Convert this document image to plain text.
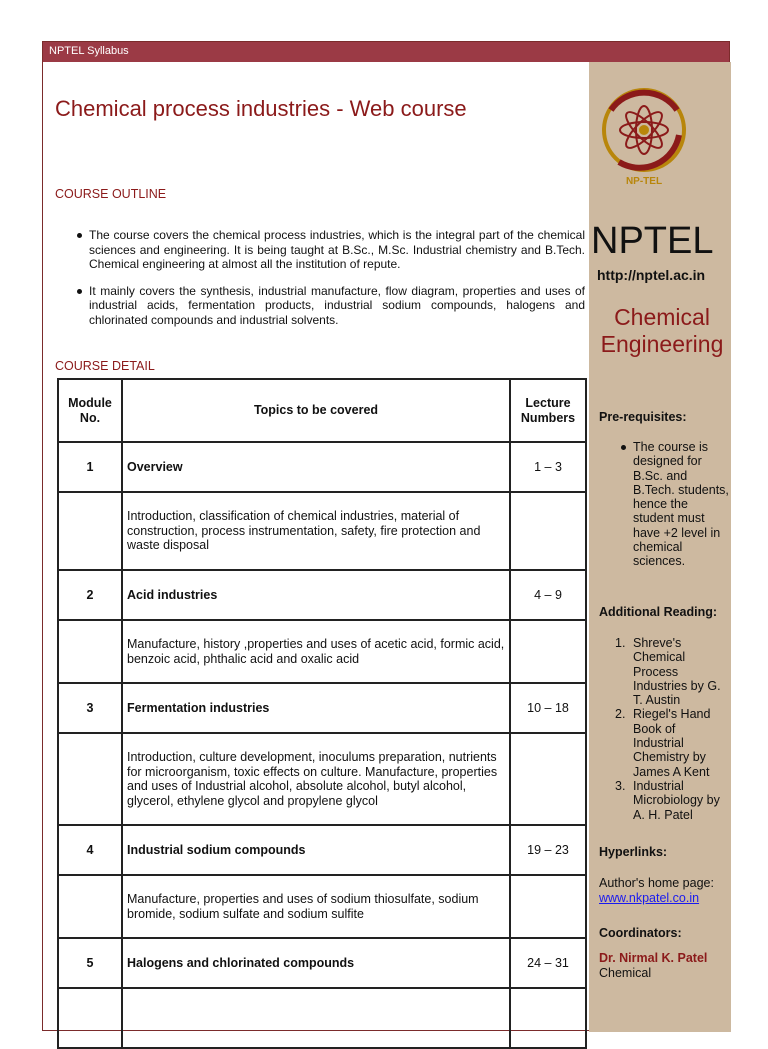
NPTEL Syllabus
Chemical process industries - Web course
COURSE OUTLINE
The course covers the chemical process industries, which is the integral part of the chemical sciences and engineering. It is being taught at B.Sc., M.Sc. Industrial chemistry and B.Tech. Chemical engineering at almost all the institution of repute.
It mainly covers the synthesis, industrial manufacture, flow diagram, properties and uses of industrial acids, fermentation products, industrial sodium compounds, halogens and chlorinated compounds and industrial solvents.
COURSE DETAIL
Module No.	Topics to be covered	Lecture Numbers
1	Overview	1 – 3
	Introduction, classification of chemical industries, material of construction, process instrumentation, safety, fire protection and waste disposal	
2	Acid industries	4 – 9
	Manufacture, history ,properties and uses of acetic acid, formic acid, benzoic acid, phthalic acid and oxalic acid	
3	Fermentation industries	10 – 18
	Introduction, culture development, inoculums preparation, nutrients for microorganism, toxic effects on culture. Manufacture, properties and uses of Industrial alcohol, absolute alcohol, butyl alcohol, glycerol, ethylene glycol and propylene glycol	
4	Industrial sodium compounds	19 – 23
	Manufacture, properties and uses of sodium thiosulfate, sodium bromide, sodium sulfate and sodium sulfite	
5	Halogens and chlorinated compounds	24 – 31

NP-TEL
NPTEL
http://nptel.ac.in
Chemical
Engineering
Pre-requisites:
The course is designed for B.Sc. and B.Tech. students, hence the student must have +2 level in chemical sciences.
Additional Reading:
Shreve's Chemical Process Industries by G. T. Austin
Riegel's Hand Book of Industrial Chemistry by James A Kent
Industrial Microbiology by A. H. Patel
Hyperlinks:
Author's home page:
www.nkpatel.co.in
Coordinators:
Dr. Nirmal K. Patel
Chemical
